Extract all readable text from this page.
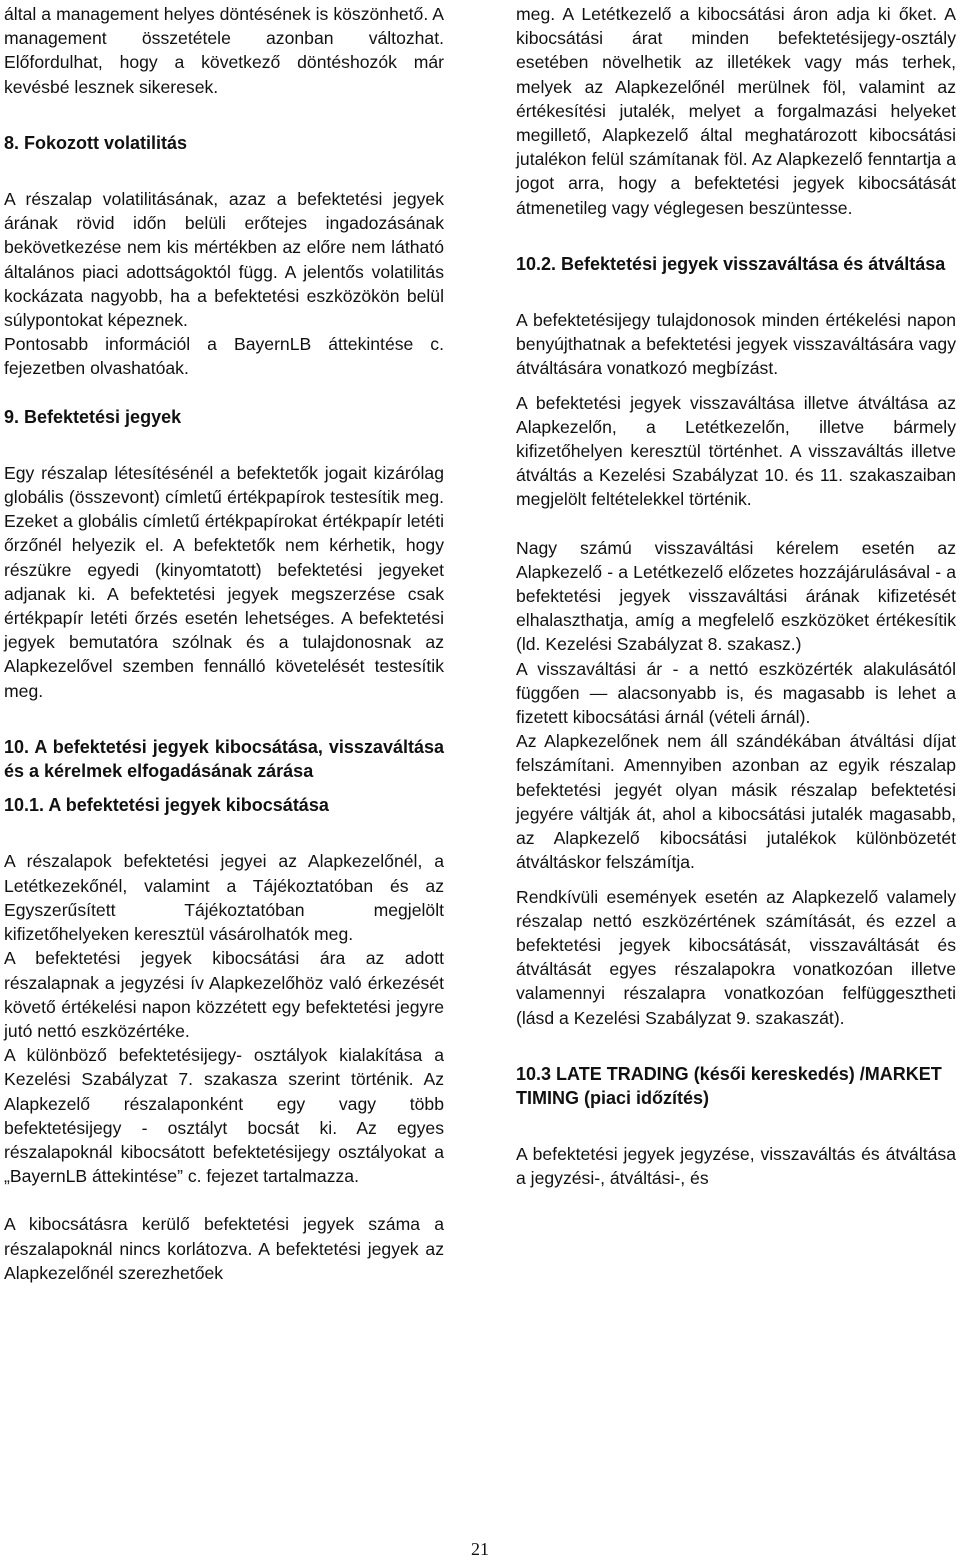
által a management helyes döntésének is köszönhető. A management összetétele azonban változhat. Előfordulhat, hogy a következő döntéshozók már kevésbé lesznek sikeresek.

8. Fokozott volatilitás

A részalap volatilitásának, azaz a befektetési jegyek árának rövid időn belüli erőtejes ingadozásának bekövetkezése nem kis mértékben az előre nem látható általános piaci adottságoktól függ. A jelentős volatilitás kockázata nagyobb, ha a befektetési eszközökön belül súlypontokat képeznek.

Pontosabb információl a BayernLB áttekintése c. fejezetben olvashatóak.

9. Befektetési jegyek

Egy részalap létesítésénél a befektetők jogait kizárólag globális (összevont) címletű értékpapírok testesítik meg. Ezeket a globális címletű értékpapírokat értékpapír letéti őrzőnél helyezik el. A befektetők nem kérhetik, hogy részükre egyedi (kinyomtatott) befektetési jegyeket adjanak ki. A befektetési jegyek megszerzése csak értékpapír letéti őrzés esetén lehetséges. A befektetési jegyek bemutatóra szólnak és a tulajdonosnak az Alapkezelővel szemben fennálló követelését testesítik meg.

10. A befektetési jegyek kibocsátása, visszaváltása és a kérelmek elfogadásának zárása

10.1. A befektetési jegyek kibocsátása

A részalapok befektetési jegyei az Alapkezelőnél, a Letétkezekőnél, valamint a Tájékoztatóban és az Egyszerűsített Tájékoztatóban megjelölt kifizetőhelyeken keresztül vásárolhatók meg.

A befektetési jegyek kibocsátási ára az adott részalapnak a jegyzési ív Alapkezelőhöz való érkezését követő értékelési napon közzétett egy befektetési jegyre jutó nettó eszközértéke.

A különböző befektetésijegy- osztályok kialakítása a Kezelési Szabályzat 7. szakasza szerint történik. Az Alapkezelő részalaponként egy vagy több befektetésijegy - osztályt bocsát ki. Az egyes részalapoknál kibocsátott befektetésijegy osztályokat a „BayernLB áttekintése” c. fejezet tartalmazza.

A kibocsátásra kerülő befektetési jegyek száma a részalapoknál nincs korlátozva. A befektetési jegyek az Alapkezelőnél szerezhetőek

meg. A Letétkezelő a kibocsátási áron adja ki őket. A kibocsátási árat minden befektetésijegy-osztály esetében növelhetik az illetékek vagy más terhek, melyek az Alapkezelőnél merülnek föl, valamint az értékesítési jutalék, melyet a forgalmazási helyeket megillető, Alapkezelő által meghatározott kibocsátási jutalékon felül számítanak föl. Az Alapkezelő fenntartja a jogot arra, hogy a befektetési jegyek kibocsátását átmenetileg vagy véglegesen beszüntesse.

10.2. Befektetési jegyek visszaváltása és átváltása

A befektetésijegy tulajdonosok minden értékelési napon benyújthatnak a befektetési jegyek visszaváltására vagy átváltására vonatkozó megbízást.

A befektetési jegyek visszaváltása illetve átváltása az Alapkezelőn, a Letétkezelőn, illetve bármely kifizetőhelyen keresztül történhet. A visszaváltás illetve átváltás a Kezelési Szabályzat 10. és 11. szakaszaiban megjelölt feltételekkel történik.

Nagy számú visszaváltási kérelem esetén az Alapkezelő - a Letétkezelő előzetes hozzájárulásával - a befektetési jegyek visszaváltási árának kifizetését elhalaszthatja, amíg a megfelelő eszközöket értékesítik (ld. Kezelési Szabályzat 8. szakasz.)

A visszaváltási ár - a nettó eszközérték alakulásától függően — alacsonyabb is, és magasabb is lehet a fizetett kibocsátási árnál (vételi árnál).

Az Alapkezelőnek nem áll szándékában átváltási díjat felszámítani. Amennyiben azonban az egyik részalap befektetési jegyét olyan másik részalap befektetési jegyére váltják át, ahol a kibocsátási jutalék magasabb, az Alapkezelő kibocsátási jutalékok különbözetét átváltáskor felszámítja.

Rendkívüli események esetén az Alapkezelő valamely részalap nettó eszközértének számítását, és ezzel a befektetési jegyek kibocsátását, visszaváltását és átváltását egyes részalapokra vonatkozóan illetve valamennyi részalapra vonatkozóan felfüggesztheti (lásd a Kezelési Szabályzat 9. szakaszát).

10.3 LATE TRADING (késői kereskedés) /MARKET TIMING (piaci időzítés)

A befektetési jegyek jegyzése, visszaváltás és átváltása a jegyzési-, átváltási-, és

21
